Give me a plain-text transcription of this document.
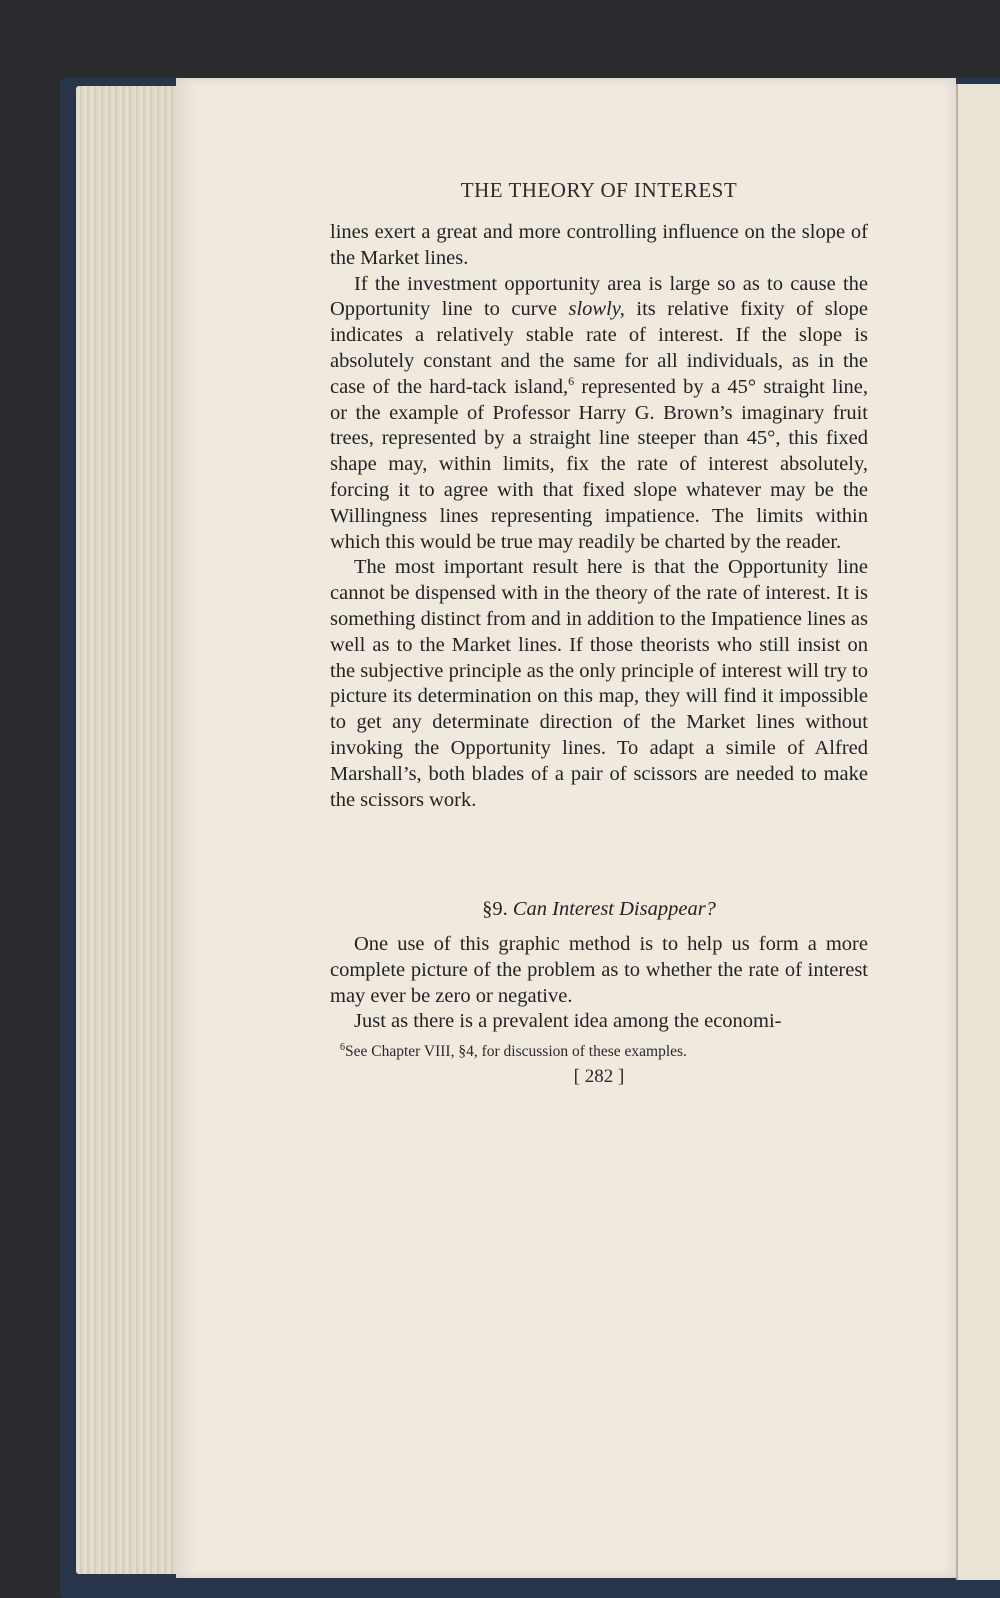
THE THEORY OF INTEREST

lines exert a great and more controlling influence on the slope of the Market lines.

If the investment opportunity area is large so as to cause the Opportunity line to curve slowly, its relative fixity of slope indicates a relatively stable rate of interest. If the slope is absolutely constant and the same for all individuals, as in the case of the hard-tack island,$^6$ represented by a 45° straight line, or the example of Professor Harry G. Brown’s imaginary fruit trees, represented by a straight line steeper than 45°, this fixed shape may, within limits, fix the rate of interest absolutely, forcing it to agree with that fixed slope whatever may be the Willingness lines representing impatience. The limits within which this would be true may readily be charted by the reader.

The most important result here is that the Opportunity line cannot be dispensed with in the theory of the rate of interest. It is something distinct from and in addition to the Impatience lines as well as to the Market lines. If those theorists who still insist on the subjective principle as the only principle of interest will try to picture its determination on this map, they will find it impossible to get any determinate direction of the Market lines without invoking the Opportunity lines. To adapt a simile of Alfred Marshall’s, both blades of a pair of scissors are needed to make the scissors work.

§9. Can Interest Disappear?

One use of this graphic method is to help us form a more complete picture of the problem as to whether the rate of interest may ever be zero or negative.

Just as there is a prevalent idea among the economi-

$^6$See Chapter VIII, §4, for discussion of these examples.
[ 282 ]
